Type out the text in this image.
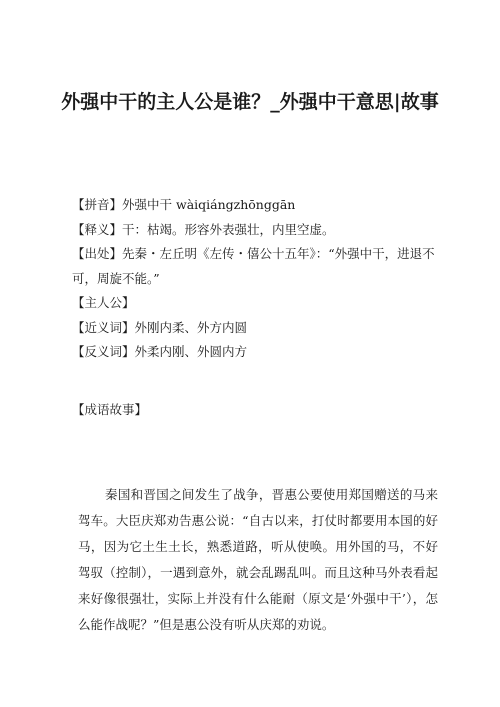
外强中干的主人公是谁？_外强中干意思|故事

【拼音】外强中干 wàiqiángzhōnggān

【释义】干：枯竭。形容外表强壮，内里空虚。

【出处】先秦・左丘明《左传・僖公十五年》：“外强中干，进退不可，周旋不能。”

【主人公】

【近义词】外刚内柔、外方内圆

【反义词】外柔内刚、外圆内方

【成语故事】

秦国和晋国之间发生了战争，晋惠公要使用郑国赠送的马来驾车。大臣庆郑劝告惠公说：“自古以来，打仗时都要用本国的好马，因为它土生土长，熟悉道路，听从使唤。用外国的马，不好驾驭（控制），一遇到意外，就会乱踢乱叫。而且这种马外表看起来好像很强壮，实际上并没有什么能耐（原文是‘外强中干’），怎么能作战呢？”但是惠公没有听从庆郑的劝说。
